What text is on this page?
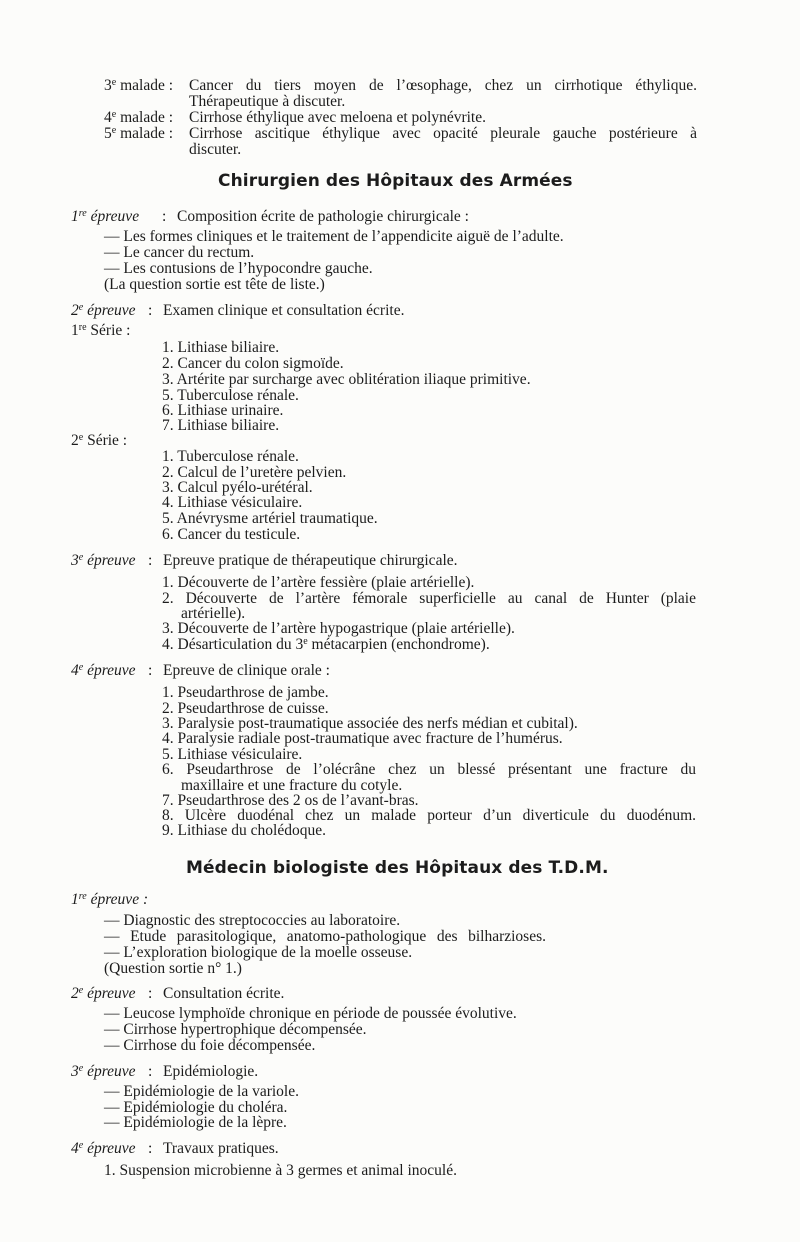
3e malade : Cancer du tiers moyen de l’œsophage, chez un cirrhotique éthylique.
Thérapeutique à discuter.
4e malade : Cirrhose éthylique avec meloena et polynévrite.
5e malade : Cirrhose ascitique éthylique avec opacité pleurale gauche postérieure à
discuter.
Chirurgien des Hôpitaux des Armées
1re épreuve : Composition écrite de pathologie chirurgicale :
— Les formes cliniques et le traitement de l’appendicite aiguë de l’adulte.
— Le cancer du rectum.
— Les contusions de l’hypocondre gauche.
(La question sortie est tête de liste.)
2e épreuve : Examen clinique et consultation écrite.
1re Série :
1. Lithiase biliaire.
2. Cancer du colon sigmoïde.
3. Artérite par surcharge avec oblitération iliaque primitive.
5. Tuberculose rénale.
6. Lithiase urinaire.
7. Lithiase biliaire.
2e Série :
1. Tuberculose rénale.
2. Calcul de l’uretère pelvien.
3. Calcul pyélo-urétéral.
4. Lithiase vésiculaire.
5. Anévrysme artériel traumatique.
6. Cancer du testicule.
3e épreuve : Epreuve pratique de thérapeutique chirurgicale.
1. Découverte de l’artère fessière (plaie artérielle).
2. Découverte de l’artère fémorale superficielle au canal de Hunter (plaie
artérielle).
3. Découverte de l’artère hypogastrique (plaie artérielle).
4. Désarticulation du 3e métacarpien (enchondrome).
4e épreuve : Epreuve de clinique orale :
1. Pseudarthrose de jambe.
2. Pseudarthrose de cuisse.
3. Paralysie post-traumatique associée des nerfs médian et cubital).
4. Paralysie radiale post-traumatique avec fracture de l’humérus.
5. Lithiase vésiculaire.
6. Pseudarthrose de l’olécrâne chez un blessé présentant une fracture du
maxillaire et une fracture du cotyle.
7. Pseudarthrose des 2 os de l’avant-bras.
8. Ulcère duodénal chez un malade porteur d’un diverticule du duodénum.
9. Lithiase du cholédoque.
Médecin biologiste des Hôpitaux des T.D.M.
1re épreuve :
— Diagnostic des streptococcies au laboratoire.
— Etude parasitologique, anatomo-pathologique des bilharzioses.
— L’exploration biologique de la moelle osseuse.
(Question sortie n° 1.)
2e épreuve : Consultation écrite.
— Leucose lymphoïde chronique en période de poussée évolutive.
— Cirrhose hypertrophique décompensée.
— Cirrhose du foie décompensée.
3e épreuve : Epidémiologie.
— Epidémiologie de la variole.
— Epidémiologie du choléra.
— Epidémiologie de la lèpre.
4e épreuve : Travaux pratiques.
1. Suspension microbienne à 3 germes et animal inoculé.
